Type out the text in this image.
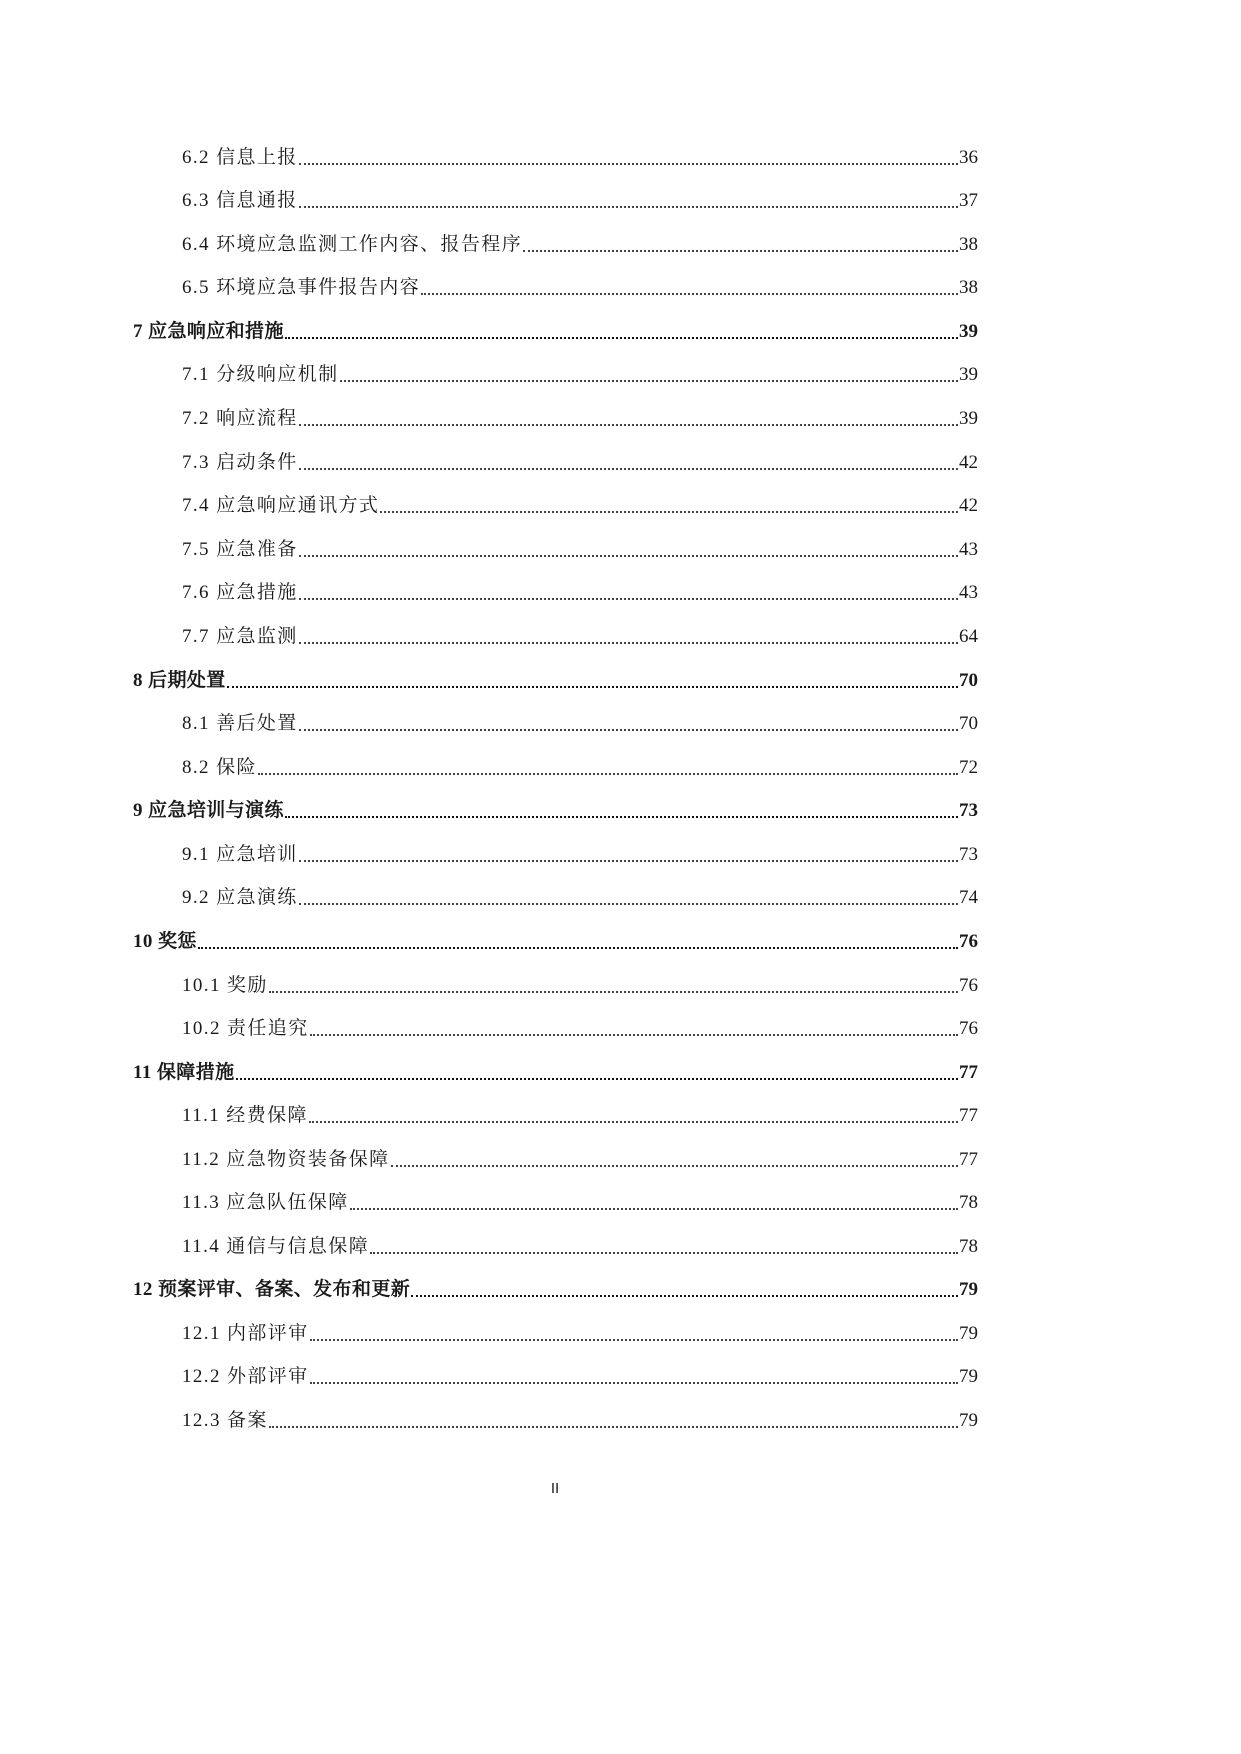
6.2 信息上报	36
6.3 信息通报	37
6.4 环境应急监测工作内容、报告程序	38
6.5 环境应急事件报告内容	38
7 应急响应和措施	39
7.1 分级响应机制	39
7.2 响应流程	39
7.3 启动条件	42
7.4 应急响应通讯方式	42
7.5 应急准备	43
7.6 应急措施	43
7.7 应急监测	64
8 后期处置	70
8.1 善后处置	70
8.2 保险	72
9 应急培训与演练	73
9.1 应急培训	73
9.2 应急演练	74
10 奖惩	76
10.1 奖励	76
10.2 责任追究	76
11 保障措施	77
11.1 经费保障	77
11.2 应急物资装备保障	77
11.3 应急队伍保障	78
11.4 通信与信息保障	78
12 预案评审、备案、发布和更新	79
12.1 内部评审	79
12.2 外部评审	79
12.3 备案	79
II
